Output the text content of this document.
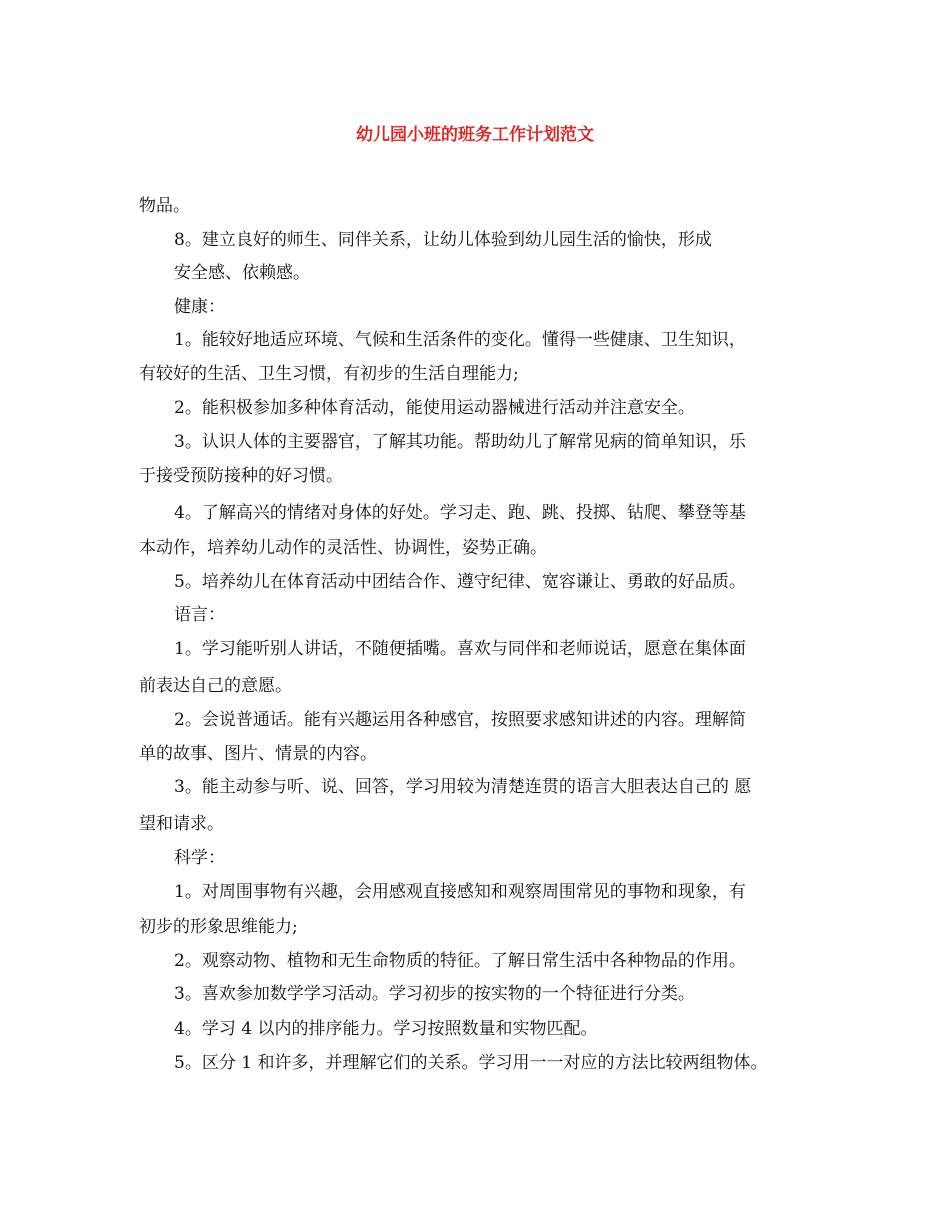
幼儿园小班的班务工作计划范文
物品。
8。建立良好的师生、同伴关系，让幼儿体验到幼儿园生活的愉快，形成
安全感、依赖感。
健康：
1。能较好地适应环境、气候和生活条件的变化。懂得一些健康、卫生知识，
有较好的生活、卫生习惯，有初步的生活自理能力;
2。能积极参加多种体育活动，能使用运动器械进行活动并注意安全。
3。认识人体的主要器官，了解其功能。帮助幼儿了解常见病的简单知识，乐
于接受预防接种的好习惯。
4。了解高兴的情绪对身体的好处。学习走、跑、跳、投掷、钻爬、攀登等基
本动作，培养幼儿动作的灵活性、协调性，姿势正确。
5。培养幼儿在体育活动中团结合作、遵守纪律、宽容谦让、勇敢的好品质。
语言：
1。学习能听别人讲话，不随便插嘴。喜欢与同伴和老师说话，愿意在集体面
前表达自己的意愿。
2。会说普通话。能有兴趣运用各种感官，按照要求感知讲述的内容。理解简
单的故事、图片、情景的内容。
3。能主动参与听、说、回答，学习用较为清楚连贯的语言大胆表达自己的 愿
望和请求。
科学：
1。对周围事物有兴趣，会用感观直接感知和观察周围常见的事物和现象，有
初步的形象思维能力;
2。观察动物、植物和无生命物质的特征。了解日常生活中各种物品的作用。
3。喜欢参加数学学习活动。学习初步的按实物的一个特征进行分类。
4。学习 4 以内的排序能力。学习按照数量和实物匹配。
5。区分 1 和许多，并理解它们的关系。学习用一一对应的方法比较两组物体。
